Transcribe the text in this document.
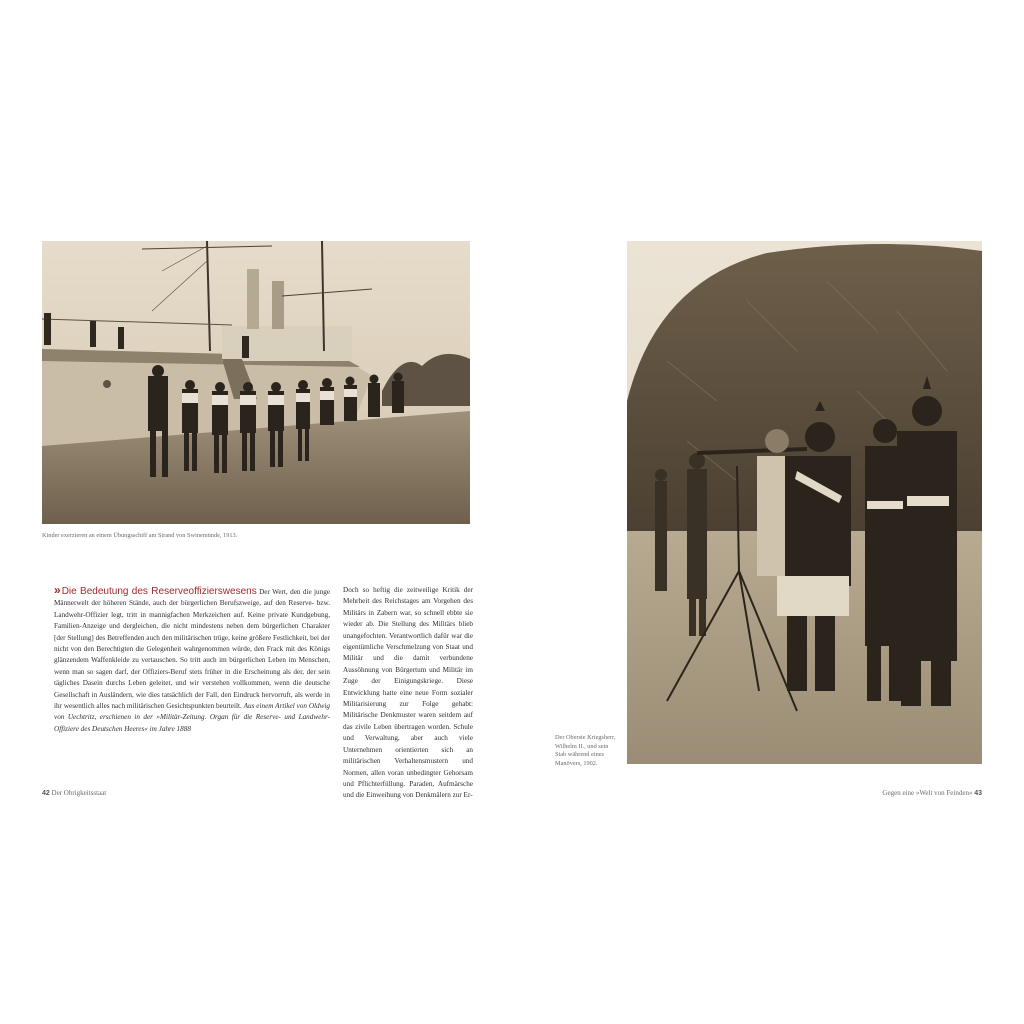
Kinder exerzieren an einem Übungsschiff am Strand von Swinemünde, 1913.
» Die Bedeutung des Reserveoffizierswesens Der Wert, den die junge Männerwelt der höheren Stände, auch der bürgerlichen Berufszweige, auf den Reserve- bzw. Landwehr-Offizier legt, tritt in mannigfachen Merkzeichen auf. Keine private Kundgebung, Familien-Anzeige und dergleichen, die nicht mindestens neben dem bürgerlichen Charakter [der Stellung] des Betreffenden auch den militärischen trüge, keine größere Festlichkeit, bei der nicht von den Berechtigten die Gelegenheit wahrgenommen würde, den Frack mit des Königs glänzendem Waffenkleide zu vertauschen. So tritt auch im bürgerlichen Leben im Menschen, wenn man so sagen darf, der Offiziers-Beruf stets früher in die Erscheinung als der, der sein tägliches Dasein durchs Leben geleitet, und wir verstehen vollkommen, wenn die deutsche Gesellschaft in Ausländern, wie dies tatsächlich der Fall, den Eindruck hervorruft, als werde in ihr wesentlich alles nach militärischen Gesichtspunkten beurteilt. Aus einem Artikel von Oldwig von Uechtritz, erschienen in der »Militär-Zeitung. Organ für die Reserve- und Landwehr-Offiziere des Deutschen Heeres« im Jahre 1888
Doch so heftig die zeitweilige Kritik der Mehrheit des Reichstages am Vorgehen des Militärs in Zabern war, so schnell ebbte sie wieder ab. Die Stellung des Militärs blieb unangefochten. Verantwortlich dafür war die eigentümliche Verschmelzung von Staat und Militär und die damit verbundene Aussöhnung von Bürgertum und Militär im Zuge der Einigungskriege. Diese Entwicklung hatte eine neue Form sozialer Militarisierung zur Folge gehabt: Militärische Denkmuster waren seitdem auf das zivile Leben übertragen worden. Schule und Verwaltung, aber auch viele Unternehmen orientierten sich an militärischen Verhaltensmustern und Normen, allen voran unbedingter Gehorsam und Pflichterfüllung. Paraden, Aufmärsche und die Einweihung von Denkmälern zur Er-
Der Oberste Kriegsherr, Wilhelm II., und sein Stab während eines Manövers, 1902.
42 Der Obrigkeitsstaat	Gegen eine »Welt von Feinden« 43
